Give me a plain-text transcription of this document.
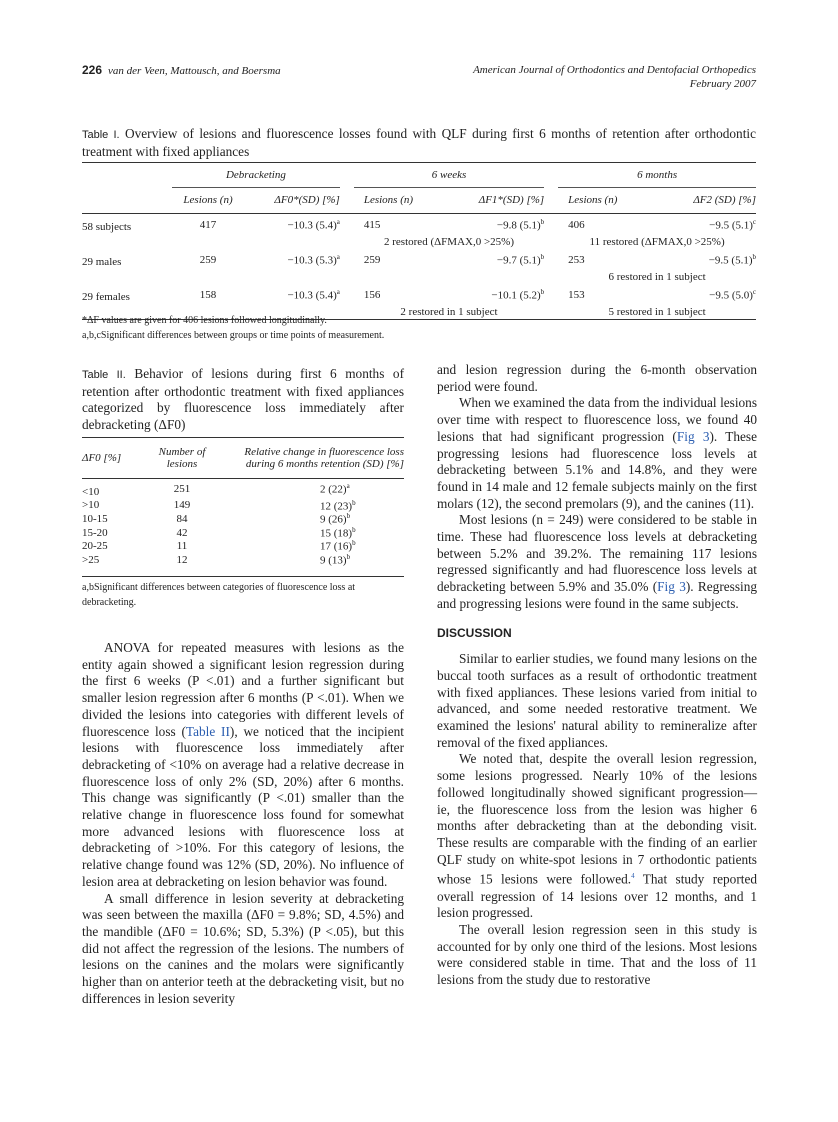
226 van der Veen, Mattousch, and Boersma	American Journal of Orthodontics and Dentofacial Orthopedics
February 2007
Table I. Overview of lesions and fluorescence losses found with QLF during first 6 months of retention after orthodontic treatment with fixed appliances
	Debracketing			6 weeks			6 months	
	Lesions (n)	ΔF0*(SD) [%]		Lesions (n)	ΔF1*(SD) [%]		Lesions (n)	ΔF2 (SD) [%]
58 subjects	417	−10.3 $(5.4)^a$		415	−9.8 $(5.1)^b$		406	−9.5 $(5.1)^c$
				2 restored (ΔFMAX,0 >25%)			11 restored (ΔFMAX,0 >25%)	
29 males	259	−10.3 $(5.3)^a$		259	−9.7 $(5.1)^b$		253	−9.5 $(5.1)^b$
							6 restored in 1 subject	
29 females	158	−10.3 $(5.4)^a$		156	−10.1 $(5.2)^b$		153	−9.5 $(5.0)^c$
				2 restored in 1 subject			5 restored in 1 subject	
*ΔF values are given for 406 lesions followed longitudinally.
a,b,cSignificant differences between groups or time points of measurement.
Table II. Behavior of lesions during first 6 months of retention after orthodontic treatment with fixed appliances categorized by fluorescence loss immediately after debracketing (ΔF0)
ΔF0 [%]	Number of lesions	Relative change in fluorescence loss during 6 months retention (SD) [%]
<10	251	2 $(22)^a$
>10	149	12 $(23)^b$
10-15	84	9 $(26)^b$
15-20	42	15 $(18)^b$
20-25	11	17 $(16)^b$
>25	12	9 $(13)^b$
a,bSignificant differences between categories of fluorescence loss at debracketing.

ANOVA for repeated measures with lesions as the entity again showed a significant lesion regression during the first 6 weeks (P <.01) and a further significant but smaller lesion regression after 6 months (P <.01). When we divided the lesions into categories with different levels of fluorescence loss (Table II), we noticed that the incipient lesions with fluorescence loss immediately after debracketing of <10% on average had a relative decrease in fluorescence loss of only 2% (SD, 20%) after 6 months. This change was significantly (P <.01) smaller than the relative change in fluorescence loss found for somewhat more advanced lesions with fluorescence loss at debracketing of >10%. For this category of lesions, the relative change found was 12% (SD, 20%). No influence of lesion area at debracketing on lesion behavior was found.

A small difference in lesion severity at debracketing was seen between the maxilla (ΔF0 = 9.8%; SD, 4.5%) and the mandible (ΔF0 = 10.6%; SD, 5.3%) (P <.05), but this did not affect the regression of the lesions. The numbers of lesions on the canines and the molars were significantly higher than on anterior teeth at the debracketing visit, but no differences in lesion severity

and lesion regression during the 6-month observation period were found.

When we examined the data from the individual lesions over time with respect to fluorescence loss, we found 40 lesions that had significant progression (Fig 3). These progressing lesions had fluorescence loss levels at debracketing between 5.1% and 14.8%, and they were found in 14 male and 12 female subjects mainly on the first molars (12), the second premolars (9), and the canines (11).

Most lesions (n = 249) were considered to be stable in time. These had fluorescence loss levels at debracketing between 5.2% and 39.2%. The remaining 117 lesions regressed significantly and had fluorescence loss levels at debracketing between 5.9% and 35.0% (Fig 3). Regressing and progressing lesions were found in the same subjects.

DISCUSSION

Similar to earlier studies, we found many lesions on the buccal tooth surfaces as a result of orthodontic treatment with fixed appliances. These lesions varied from initial to advanced, and some needed restorative treatment. We examined the lesions' natural ability to remineralize after removal of the fixed appliances.

We noted that, despite the overall lesion regression, some lesions progressed. Nearly 10% of the lesions followed longitudinally showed significant progression—ie, the fluorescence loss from the lesion was higher 6 months after debracketing than at the debonding visit. These results are comparable with the finding of an earlier QLF study on white-spot lesions in 7 orthodontic patients whose 15 lesions were followed.$^4$ That study reported overall regression of 14 lesions over 12 months, and 1 lesion progressed.

The overall lesion regression seen in this study is accounted for by only one third of the lesions. Most lesions were considered stable in time. That and the loss of 11 lesions from the study due to restorative
